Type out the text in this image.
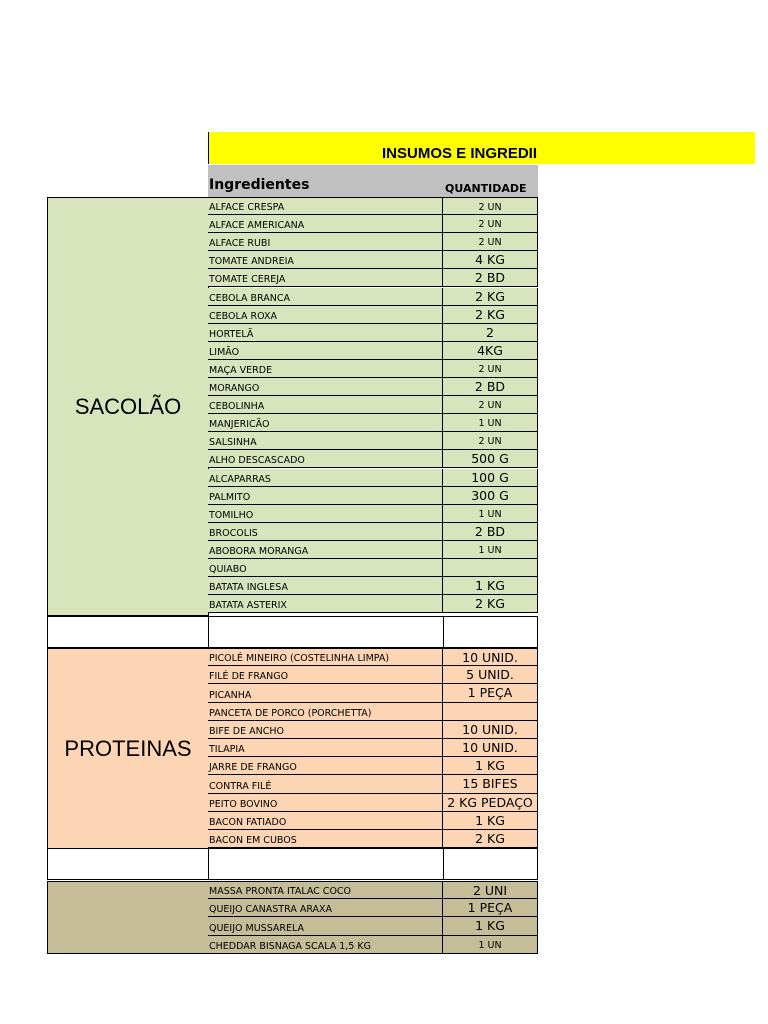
INSUMOS E INGREDII
Ingredientes	QUANTIDADE
SACOLÃO
ALFACE CRESPA	2 UN
ALFACE AMERICANA	2 UN
ALFACE RUBI	2 UN
TOMATE ANDREIA	4 KG
TOMATE CEREJA	2 BD
CEBOLA BRANCA	2 KG
CEBOLA ROXA	2 KG
HORTELÃ	2
LIMÃO	4KG
MAÇA VERDE	2 UN
MORANGO	2 BD
CEBOLINHA	2 UN
MANJERICÃO	1 UN
SALSINHA	2 UN
ALHO DESCASCADO	500 G
ALCAPARRAS	100 G
PALMITO	300 G
TOMILHO	1 UN
BROCOLIS	2 BD
ABOBORA MORANGA	1 UN
QUIABO
BATATA INGLESA	1 KG
BATATA ASTERIX	2 KG
PROTEINAS
PICOLÉ MINEIRO (COSTELINHA LIMPA)	10 UNID.
FILÉ DE FRANGO	5 UNID.
PICANHA	1 PEÇA
PANCETA DE PORCO (PORCHETTA)
BIFE DE ANCHO	10 UNID.
TILAPIA	10 UNID.
JARRE DE FRANGO	1 KG
CONTRA FILÉ	15 BIFES
PEITO BOVINO	2 KG PEDAÇO
BACON FATIADO	1 KG
BACON EM CUBOS	2 KG
MASSA PRONTA ITALAC COCO	2 UNI
QUEIJO CANASTRA ARAXA	1 PEÇA
QUEIJO MUSSARELA	1 KG
CHEDDAR BISNAGA SCALA 1,5 KG	1 UN
